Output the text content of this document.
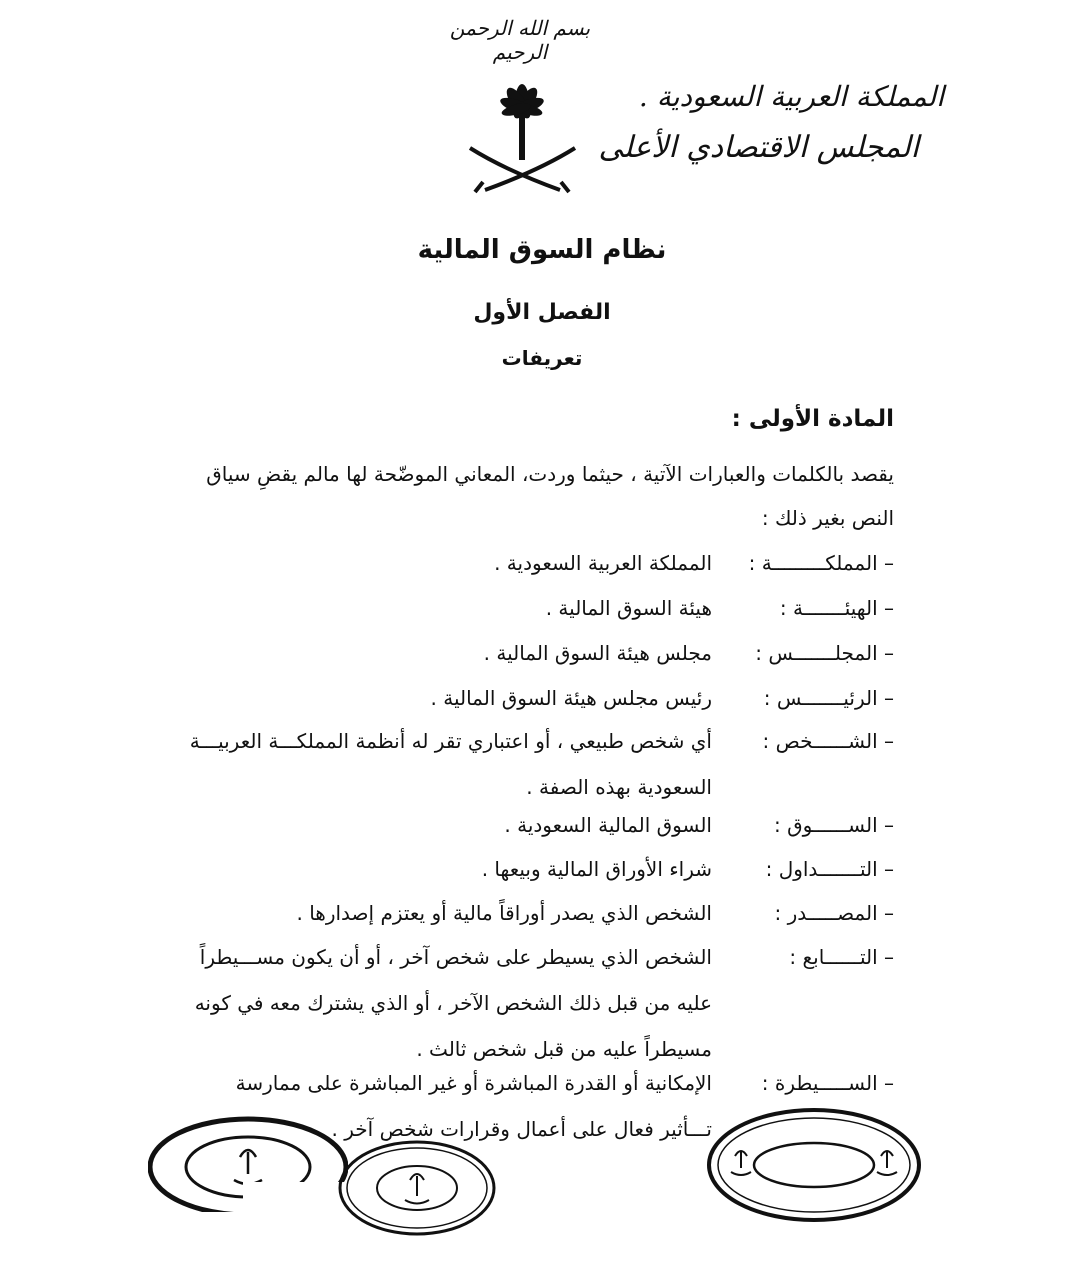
بسم الله الرحمن الرحيم
المملكة العربية السعودية .
المجلس الاقتصادي الأعلى
نظام السوق المالية
الفصل الأول
تعريفات
المادة الأولى :
يقصد بالكلمات والعبارات الآتية ، حيثما وردت، المعاني الموضّحة لها مالم يقضِ سياق النص بغير ذلك :
– المملكـــــــــة :
المملكة العربية السعودية .
– الهيئـــــــة :
هيئة السوق المالية .
– المجلـــــــس :
مجلس هيئة السوق المالية .
– الرئيـــــــس :
رئيس مجلس هيئة السوق المالية .
– الشــــــخص :
أي شخص طبيعي ، أو اعتباري تقر له أنظمة المملكـــة العربيـــة السعودية بهذه الصفة .
– الســــــوق :
السوق المالية السعودية .
– التـــــــداول :
شراء الأوراق المالية وبيعها .
– المصـــــدر :
الشخص الذي يصدر أوراقاً مالية أو يعتزم إصدارها .
– التــــــابع :
الشخص الذي يسيطر على شخص آخر ، أو أن يكون مســـيطراً عليه من قبل ذلك الشخص الآخر ، أو الذي يشترك معه في كونه مسيطراً عليه من قبل شخص ثالث .
– الســـــيطرة :
الإمكانية أو القدرة المباشرة أو غير المباشرة على ممارسة تـــأثير فعال على أعمال وقرارات شخص آخر .
